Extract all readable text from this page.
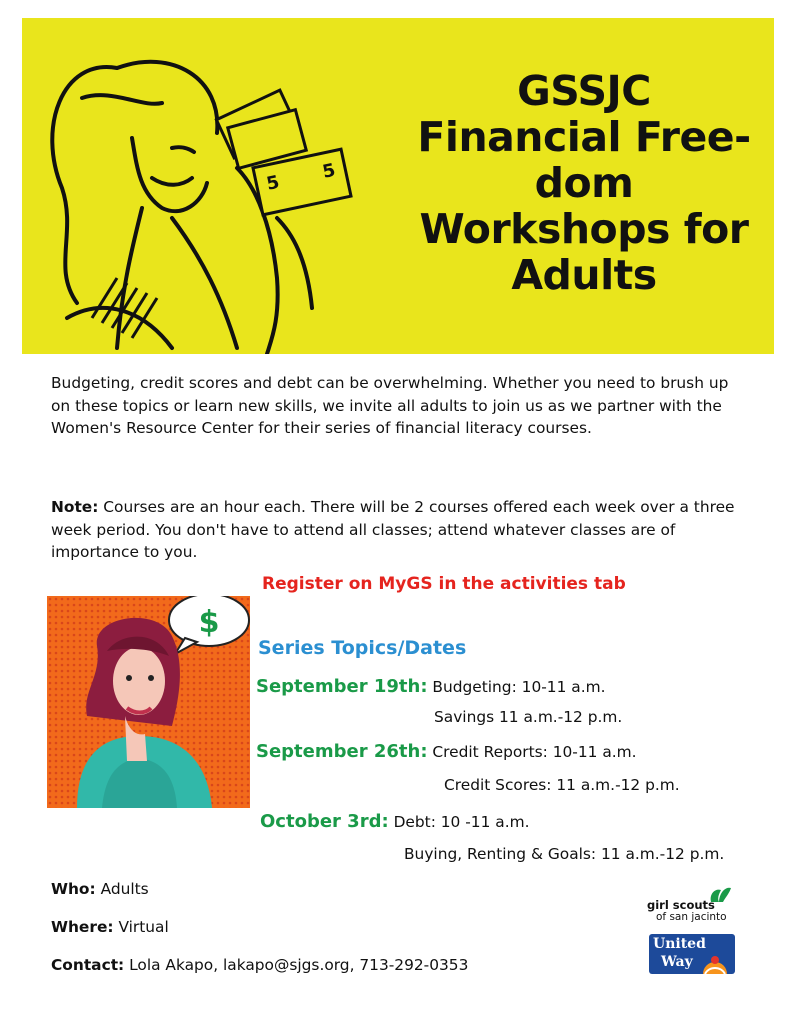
5
5
GSSJC
Financial Free-
dom
Workshops for
Adults

Budgeting, credit scores and debt can be overwhelming. Whether you need to brush up on these topics or learn new skills, we invite all adults to join us as we partner with the Women's Resource Center for their series of financial literacy courses.

Note: Courses are an hour each. There will be 2 courses offered each week over a three week period. You don't have to attend all classes; attend whatever classes are of importance to you.

Register on MyGS in the activities tab

$

Series Topics/Dates

September 19th: Budgeting: 10-11 a.m.
Savings 11 a.m.-12 p.m.
September 26th: Credit Reports: 10-11 a.m.
Credit Scores: 11 a.m.-12 p.m.
October 3rd: Debt: 10 -11 a.m.
Buying, Renting & Goals: 11 a.m.-12 p.m.
Who: Adults
Where: Virtual
Contact: Lola Akapo, lakapo@sjgs.org, 713-292-0353
girl scouts
of san jacinto
United
Way
